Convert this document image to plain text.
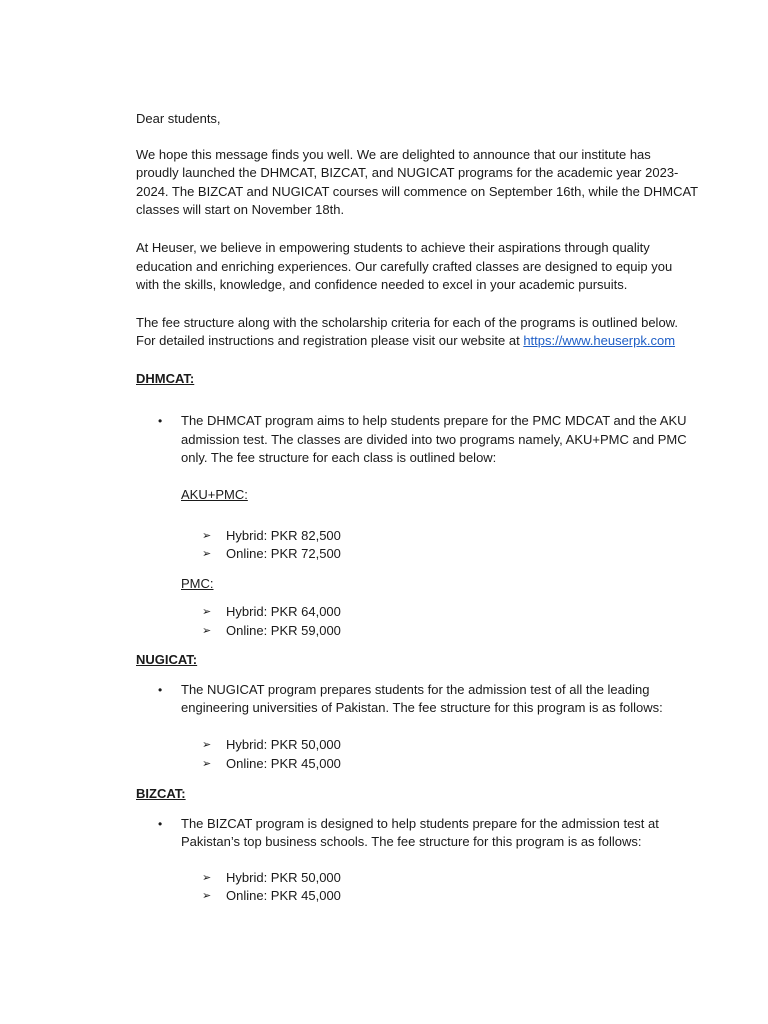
Dear students,

We hope this message finds you well. We are delighted to announce that our institute has

proudly launched the DHMCAT, BIZCAT, and NUGICAT programs for the academic year 2023-

2024. The BIZCAT and NUGICAT courses will commence on September 16th, while the DHMCAT

classes will start on November 18th.

At Heuser, we believe in empowering students to achieve their aspirations through quality

education and enriching experiences. Our carefully crafted classes are designed to equip you

with the skills, knowledge, and confidence needed to excel in your academic pursuits.

The fee structure along with the scholarship criteria for each of the programs is outlined below.

For detailed instructions and registration please visit our website at https://www.heuserpk.com

DHMCAT:

• The DHMCAT program aims to help students prepare for the PMC MDCAT and the AKU

admission test. The classes are divided into two programs namely, AKU+PMC and PMC

only. The fee structure for each class is outlined below:

AKU+PMC:

➢ Hybrid: PKR 82,500

➢ Online: PKR 72,500

PMC:

➢ Hybrid: PKR 64,000

➢ Online: PKR 59,000

NUGICAT:

• The NUGICAT program prepares students for the admission test of all the leading

engineering universities of Pakistan. The fee structure for this program is as follows:

➢ Hybrid: PKR 50,000

➢ Online: PKR 45,000

BIZCAT:

• The BIZCAT program is designed to help students prepare for the admission test at

Pakistan’s top business schools. The fee structure for this program is as follows:

➢ Hybrid: PKR 50,000

➢ Online: PKR 45,000
